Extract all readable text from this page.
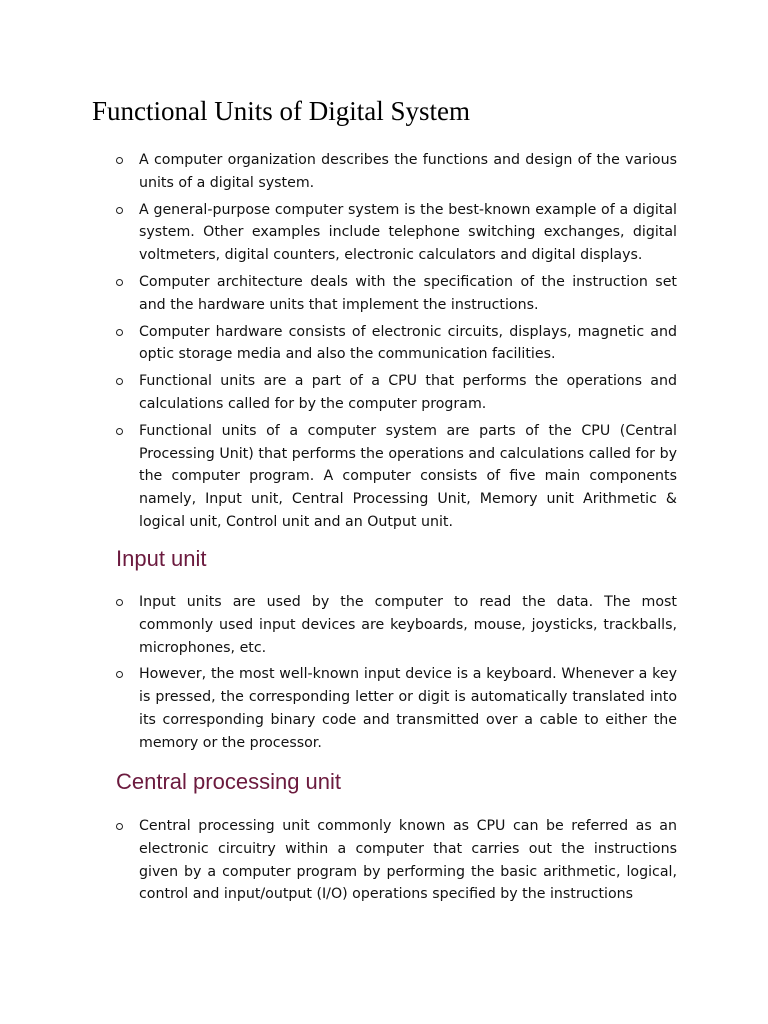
Functional Units of Digital System
A computer organization describes the functions and design of the various units of a digital system.
A general-purpose computer system is the best-known example of a digital system. Other examples include telephone switching exchanges, digital voltmeters, digital counters, electronic calculators and digital displays.
Computer architecture deals with the specification of the instruction set and the hardware units that implement the instructions.
Computer hardware consists of electronic circuits, displays, magnetic and optic storage media and also the communication facilities.
Functional units are a part of a CPU that performs the operations and calculations called for by the computer program.
Functional units of a computer system are parts of the CPU (Central Processing Unit) that performs the operations and calculations called for by the computer program. A computer consists of five main components namely, Input unit, Central Processing Unit, Memory unit Arithmetic & logical unit, Control unit and an Output unit.
Input unit
Input units are used by the computer to read the data. The most commonly used input devices are keyboards, mouse, joysticks, trackballs, microphones, etc.
However, the most well-known input device is a keyboard. Whenever a key is pressed, the corresponding letter or digit is automatically translated into its corresponding binary code and transmitted over a cable to either the memory or the processor.
Central processing unit
Central processing unit commonly known as CPU can be referred as an electronic circuitry within a computer that carries out the instructions given by a computer program by performing the basic arithmetic, logical, control and input/output (I/O) operations specified by the instructions
